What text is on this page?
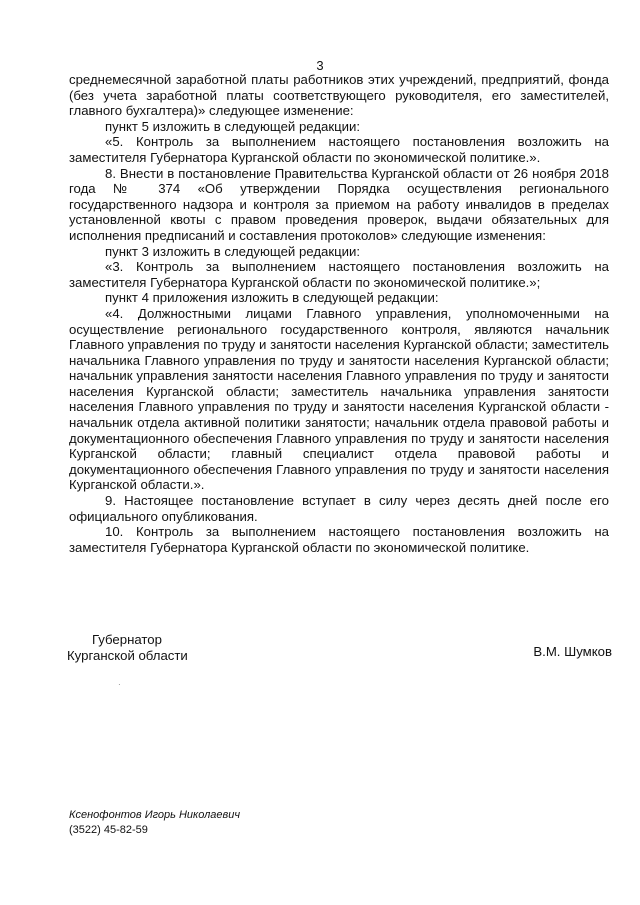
3

среднемесячной заработной платы работников этих учреждений, предприятий, фонда (без учета заработной платы соответствующего руководителя, его заместителей, главного бухгалтера)» следующее изменение:

пункт 5 изложить в следующей редакции:

«5. Контроль за выполнением настоящего постановления возложить на заместителя Губернатора Курганской области по экономической политике.».

8. Внести в постановление Правительства Курганской области от 26 ноября 2018 года № 374 «Об утверждении Порядка осуществления регионального государственного надзора и контроля за приемом на работу инвалидов в пределах установленной квоты с правом проведения проверок, выдачи обязательных для исполнения предписаний и составления протоколов» следующие изменения:

пункт 3 изложить в следующей редакции:

«3. Контроль за выполнением настоящего постановления возложить на заместителя Губернатора Курганской области по экономической политике.»;

пункт 4 приложения изложить в следующей редакции:

«4. Должностными лицами Главного управления, уполномоченными на осуществление регионального государственного контроля, являются начальник Главного управления по труду и занятости населения Курганской области; заместитель начальника Главного управления по труду и занятости населения Курганской области; начальник управления занятости населения Главного управления по труду и занятости населения Курганской области; заместитель начальника управления занятости населения Главного управления по труду и занятости населения Курганской области - начальник отдела активной политики занятости; начальник отдела правовой работы и документационного обеспечения Главного управления по труду и занятости населения Курганской области; главный специалист отдела правовой работы и документационного обеспечения Главного управления по труду и занятости населения Курганской области.».

9. Настоящее постановление вступает в силу через десять дней после его официального опубликования.

10. Контроль за выполнением настоящего постановления возложить на заместителя Губернатора Курганской области по экономической политике.

Губернатор

Курганской области	В.М. Шумков
·

Ксенофонтов Игорь Николаевич

(3522) 45-82-59
